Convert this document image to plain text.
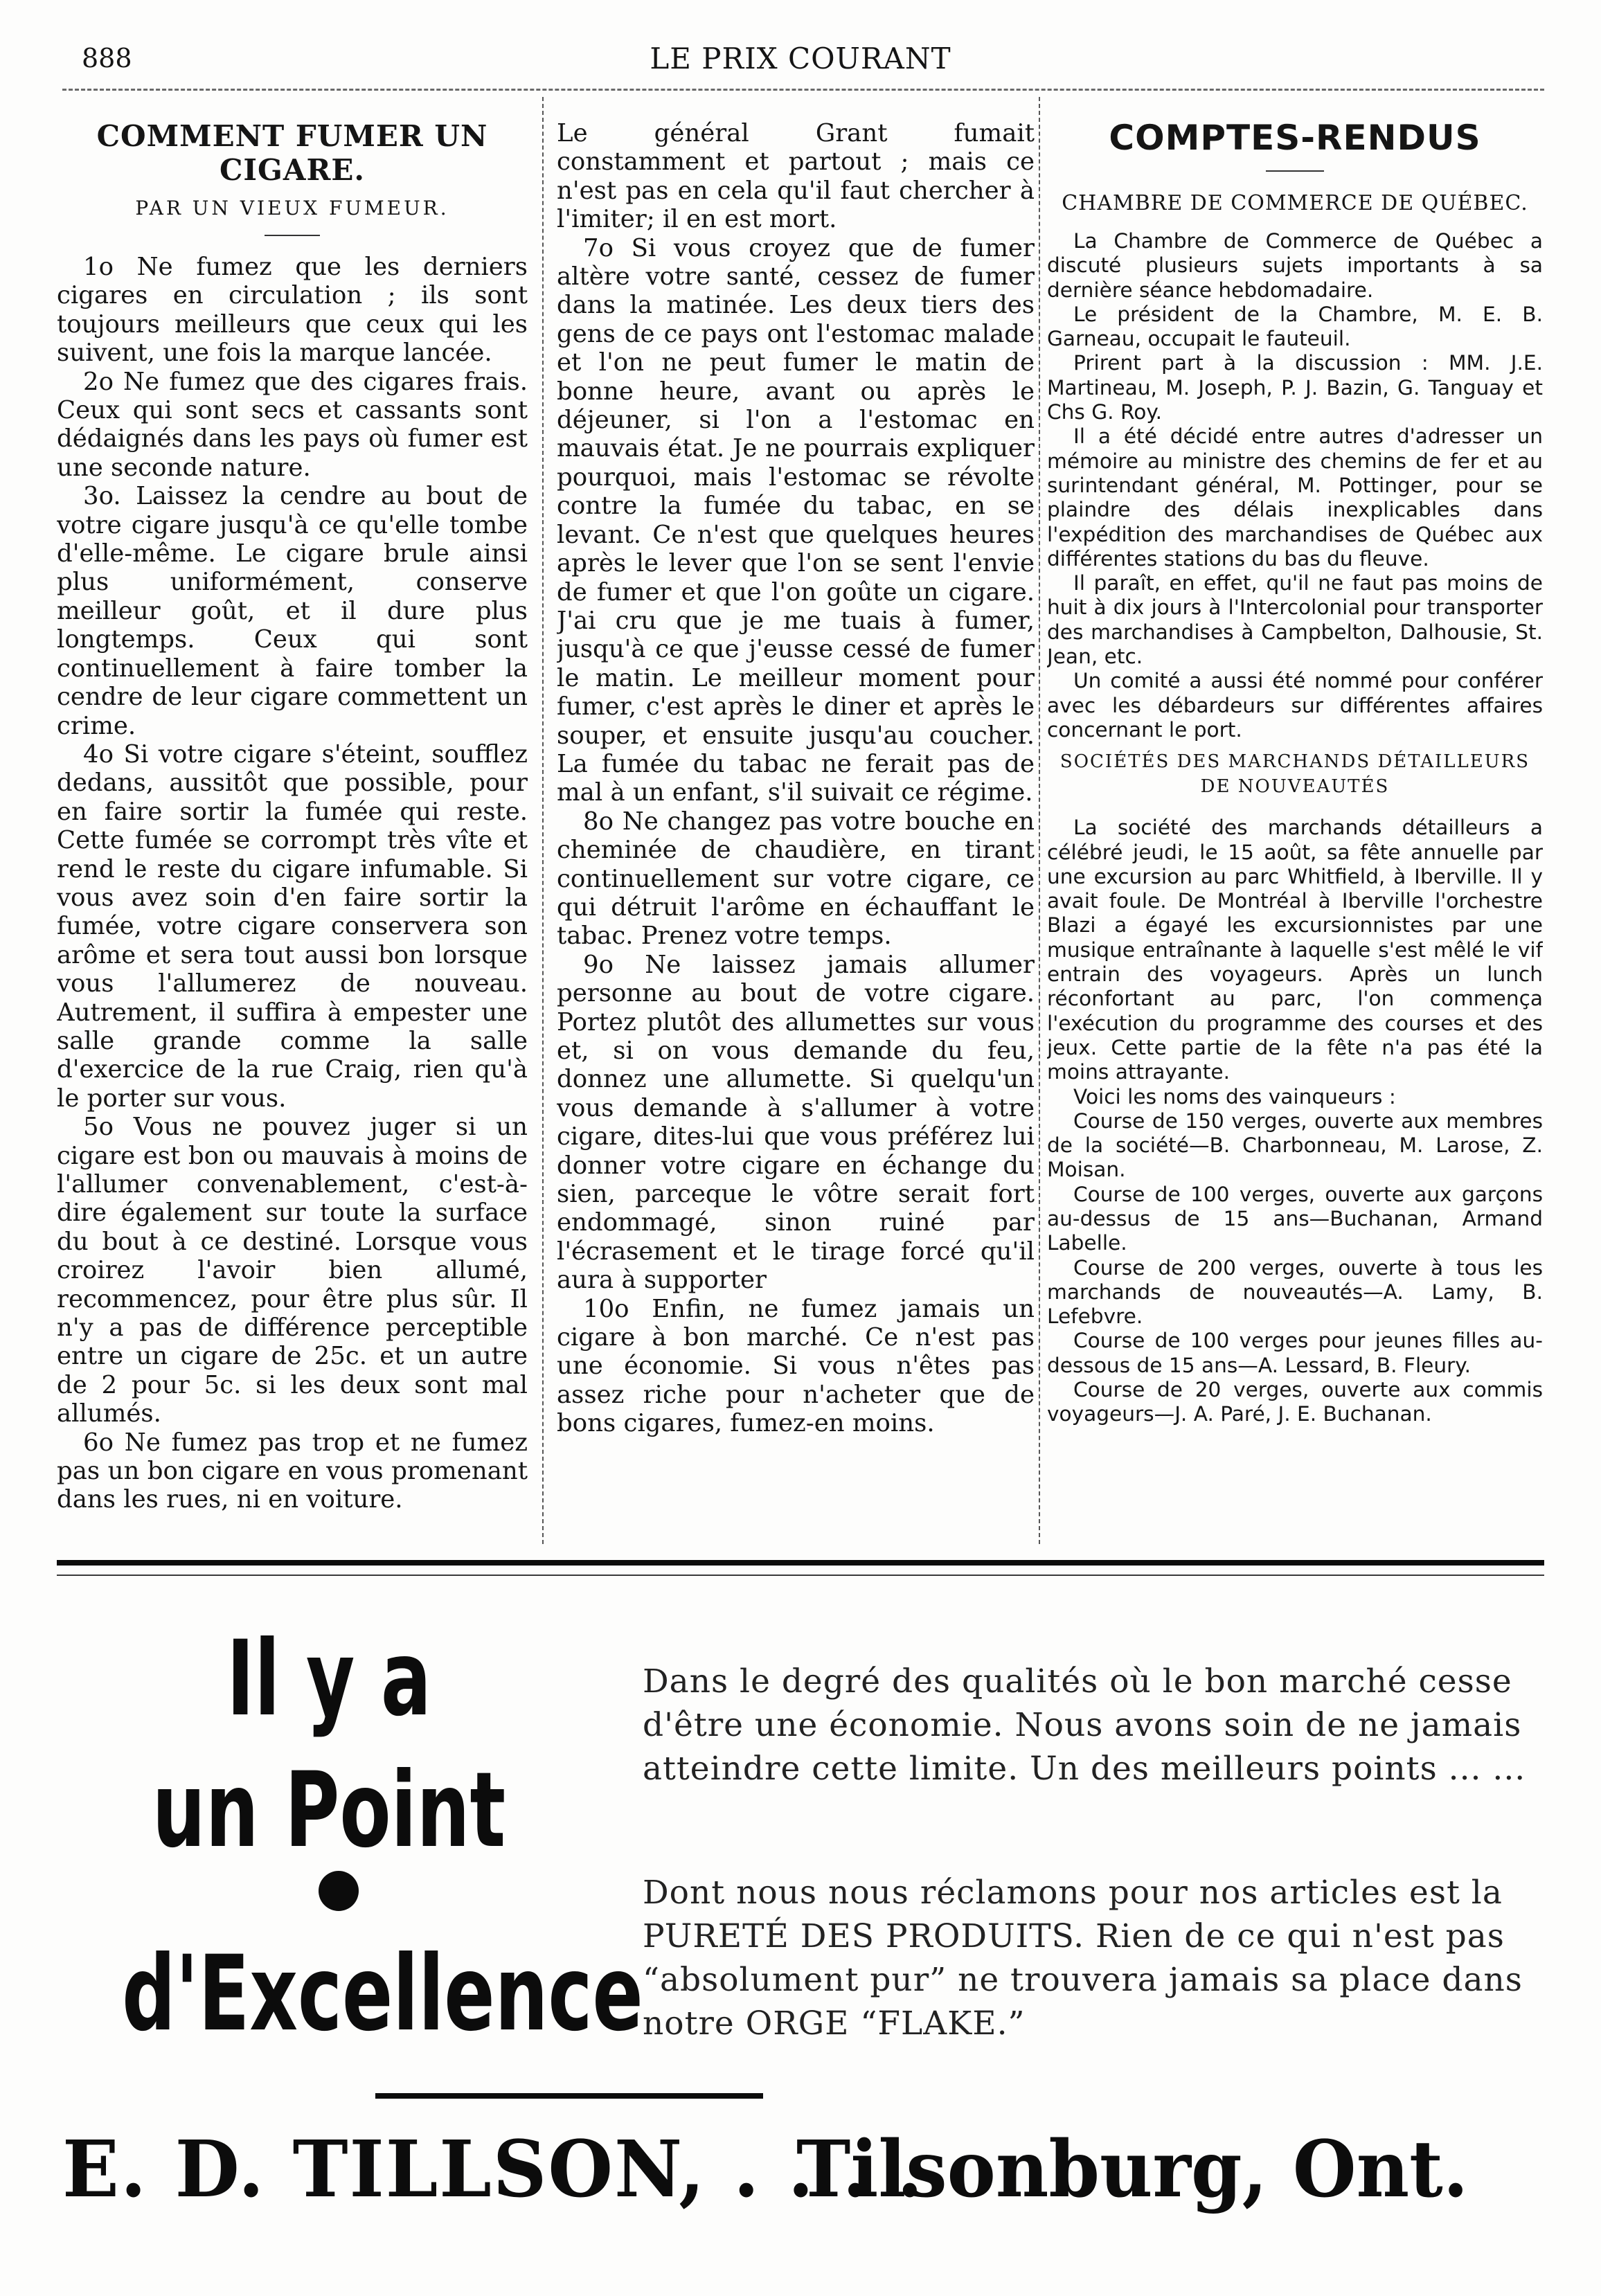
888	LE PRIX COURANT
COMMENT FUMER UN CIGARE.
PAR UN VIEUX FUMEUR.

1o Ne fumez que les derniers cigares en circulation ; ils sont toujours meilleurs que ceux qui les suivent, une fois la marque lancée.

2o Ne fumez que des cigares frais. Ceux qui sont secs et cassants sont dédaignés dans les pays où fumer est une seconde nature.

3o. Laissez la cendre au bout de votre cigare jusqu'à ce qu'elle tombe d'elle-même. Le cigare brule ainsi plus uniformément, conserve meilleur goût, et il dure plus longtemps. Ceux qui sont continuellement à faire tomber la cendre de leur cigare commettent un crime.

4o Si votre cigare s'éteint, soufflez dedans, aussitôt que possible, pour en faire sortir la fumée qui reste. Cette fumée se corrompt très vîte et rend le reste du cigare infumable. Si vous avez soin d'en faire sortir la fumée, votre cigare conservera son arôme et sera tout aussi bon lorsque vous l'allumerez de nouveau. Autrement, il suffira à empester une salle grande comme la salle d'exercice de la rue Craig, rien qu'à le porter sur vous.

5o Vous ne pouvez juger si un cigare est bon ou mauvais à moins de l'allumer convenablement, c'est-à-dire également sur toute la surface du bout à ce destiné. Lorsque vous croirez l'avoir bien allumé, recommencez, pour être plus sûr. Il n'y a pas de différence perceptible entre un cigare de 25c. et un autre de 2 pour 5c. si les deux sont mal allumés.

6o Ne fumez pas trop et ne fumez pas un bon cigare en vous promenant dans les rues, ni en voiture.

Le général Grant fumait constamment et partout ; mais ce n'est pas en cela qu'il faut chercher à l'imiter; il en est mort.

7o Si vous croyez que de fumer altère votre santé, cessez de fumer dans la matinée. Les deux tiers des gens de ce pays ont l'estomac malade et l'on ne peut fumer le matin de bonne heure, avant ou après le déjeuner, si l'on a l'estomac en mauvais état. Je ne pourrais expliquer pourquoi, mais l'estomac se révolte contre la fumée du tabac, en se levant. Ce n'est que quelques heures après le lever que l'on se sent l'envie de fumer et que l'on goûte un cigare. J'ai cru que je me tuais à fumer, jusqu'à ce que j'eusse cessé de fumer le matin. Le meilleur moment pour fumer, c'est après le diner et après le souper, et ensuite jusqu'au coucher. La fumée du tabac ne ferait pas de mal à un enfant, s'il suivait ce régime.

8o Ne changez pas votre bouche en cheminée de chaudière, en tirant continuellement sur votre cigare, ce qui détruit l'arôme en échauffant le tabac. Prenez votre temps.

9o Ne laissez jamais allumer personne au bout de votre cigare. Portez plutôt des allumettes sur vous et, si on vous demande du feu, donnez une allumette. Si quelqu'un vous demande à s'allumer à votre cigare, dites-lui que vous préférez lui donner votre cigare en échange du sien, parceque le vôtre serait fort endommagé, sinon ruiné par l'écrasement et le tirage forcé qu'il aura à supporter

10o Enfin, ne fumez jamais un cigare à bon marché. Ce n'est pas une économie. Si vous n'êtes pas assez riche pour n'acheter que de bons cigares, fumez-en moins.

COMPTES-RENDUS
CHAMBRE DE COMMERCE DE QUÉBEC.

La Chambre de Commerce de Québec a discuté plusieurs sujets importants à sa dernière séance hebdomadaire.

Le président de la Chambre, M. E. B. Garneau, occupait le fauteuil.

Prirent part à la discussion : MM. J.E. Martineau, M. Joseph, P. J. Bazin, G. Tanguay et Chs G. Roy.

Il a été décidé entre autres d'adresser un mémoire au ministre des chemins de fer et au surintendant général, M. Pottinger, pour se plaindre des délais inexplicables dans l'expédition des marchandises de Québec aux différentes stations du bas du fleuve.

Il paraît, en effet, qu'il ne faut pas moins de huit à dix jours à l'Intercolonial pour transporter des marchandises à Campbelton, Dalhousie, St. Jean, etc.

Un comité a aussi été nommé pour conférer avec les débardeurs sur différentes affaires concernant le port.

SOCIÉTÉS DES MARCHANDS DÉTAILLEURS
DE NOUVEAUTÉS

La société des marchands détailleurs a célébré jeudi, le 15 août, sa fête annuelle par une excursion au parc Whitfield, à Iberville. Il y avait foule. De Montréal à Iberville l'orchestre Blazi a égayé les excursionnistes par une musique entraînante à laquelle s'est mêlé le vif entrain des voyageurs. Après un lunch réconfortant au parc, l'on commença l'exécution du programme des courses et des jeux. Cette partie de la fête n'a pas été la moins attrayante.

Voici les noms des vainqueurs :

Course de 150 verges, ouverte aux membres de la société—B. Charbonneau, M. Larose, Z. Moisan.

Course de 100 verges, ouverte aux garçons au-dessus de 15 ans—Buchanan, Armand Labelle.

Course de 200 verges, ouverte à tous les marchands de nouveautés—A. Lamy, B. Lefebvre.

Course de 100 verges pour jeunes filles au-dessous de 15 ans—A. Lessard, B. Fleury.

Course de 20 verges, ouverte aux commis voyageurs—J. A. Paré, J. E. Buchanan.

Il y a
un Point
d'Excellence

Dans le degré des qualités où le bon marché cesse d'être une économie. Nous avons soin de ne jamais atteindre cette limite. Un des meilleurs points ... ...

Dont nous nous réclamons pour nos articles est la PURETÉ DES PRODUITS. Rien de ce qui n'est pas “absolument pur” ne trouvera jamais sa place dans notre ORGE “FLAKE.”

E. D. TILLSON, . . . .
Tilsonburg, Ont.
